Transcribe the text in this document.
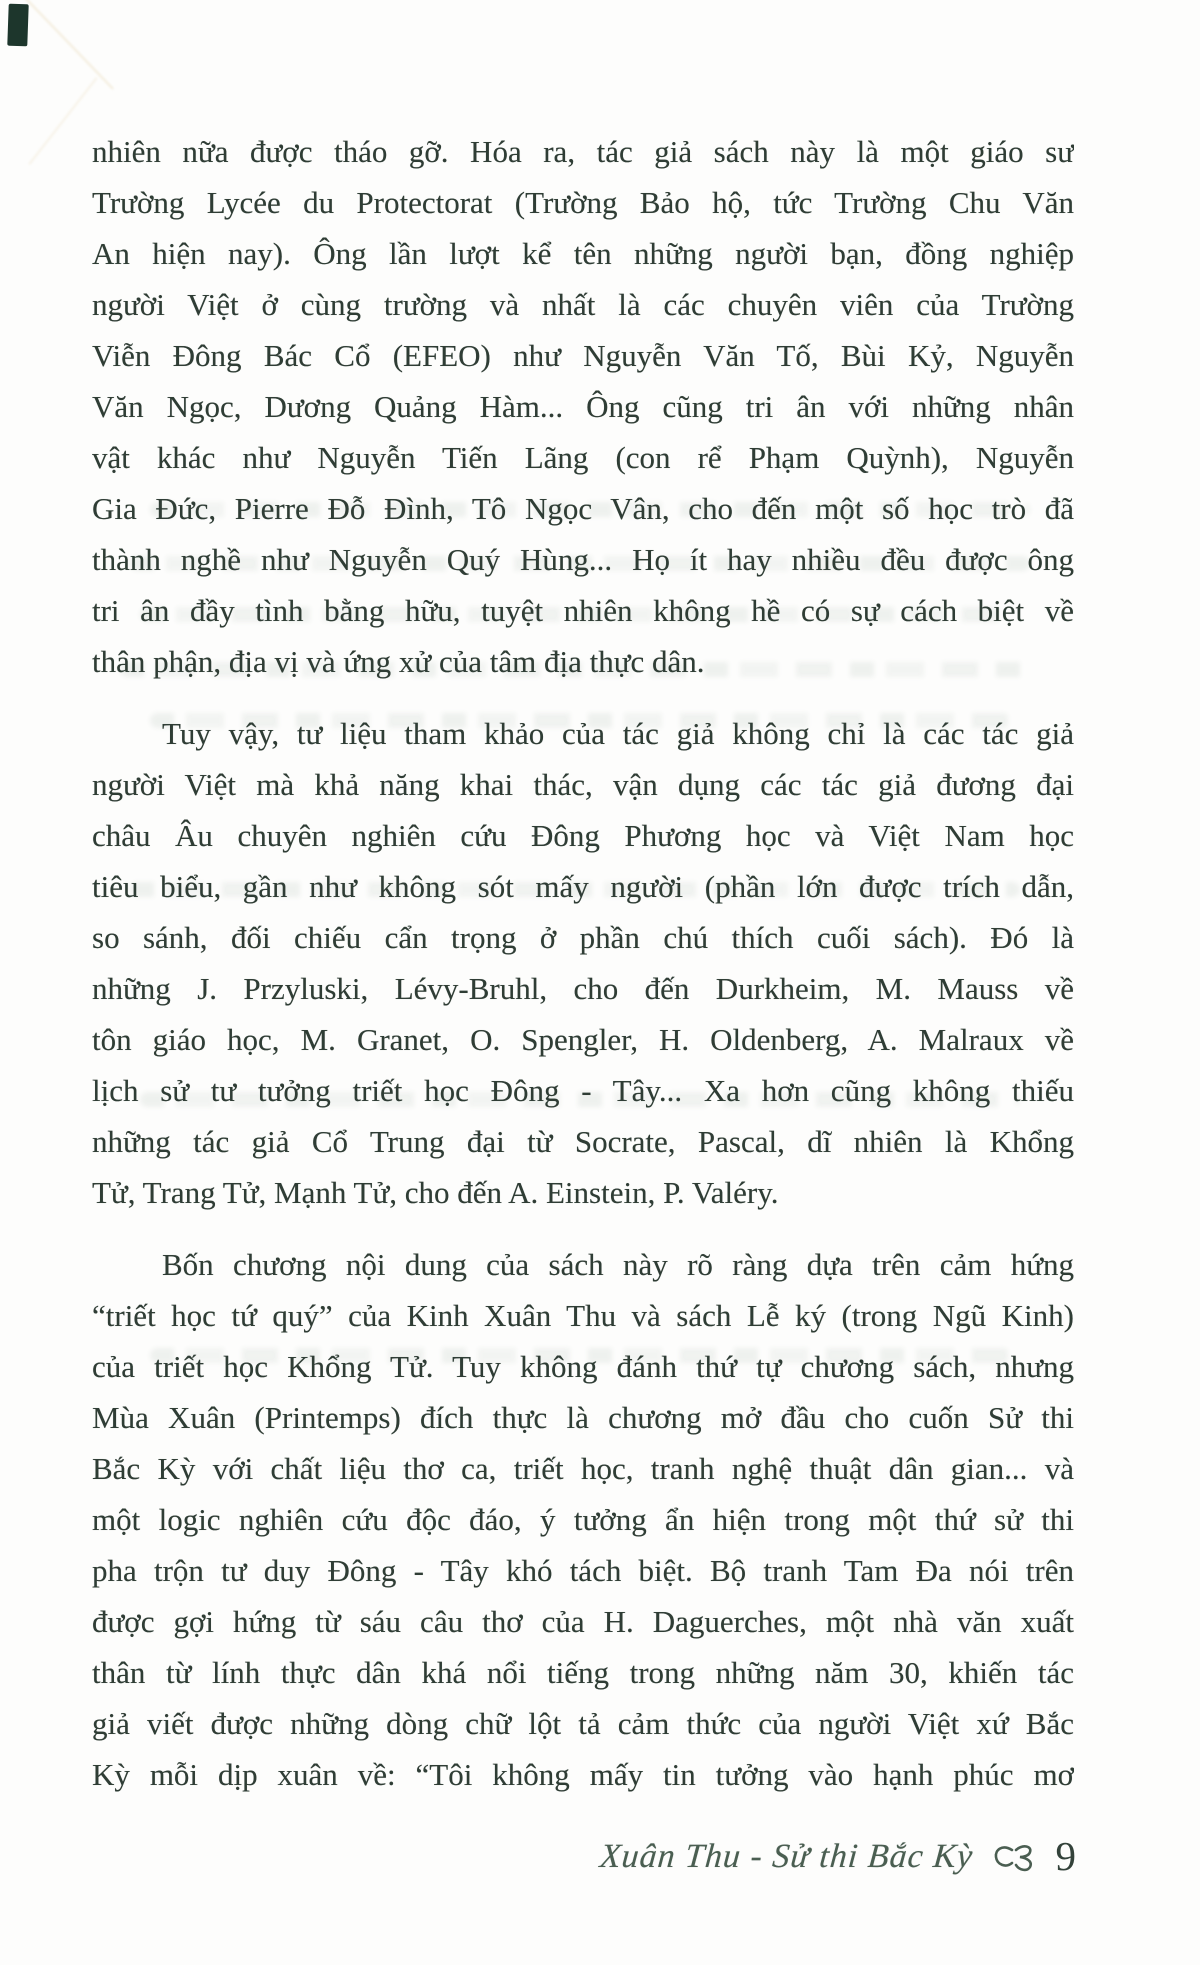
nhiên nữa được tháo gỡ. Hóa ra, tác giả sách này là một giáo sư
Trường Lycée du Protectorat (Trường Bảo hộ, tức Trường Chu Văn
An hiện nay). Ông lần lượt kể tên những người bạn, đồng nghiệp
người Việt ở cùng trường và nhất là các chuyên viên của Trường
Viễn Đông Bác Cổ (EFEO) như Nguyễn Văn Tố, Bùi Kỷ, Nguyễn
Văn Ngọc, Dương Quảng Hàm... Ông cũng tri ân với những nhân
vật khác như Nguyễn Tiến Lãng (con rể Phạm Quỳnh), Nguyễn
Gia Đức, Pierre Đỗ Đình, Tô Ngọc Vân, cho đến một số học trò đã
thành nghề như Nguyễn Quý Hùng... Họ ít hay nhiều đều được ông
tri ân đầy tình bằng hữu, tuyệt nhiên không hề có sự cách biệt về
thân phận, địa vị và ứng xử của tâm địa thực dân.

Tuy vậy, tư liệu tham khảo của tác giả không chỉ là các tác giả
người Việt mà khả năng khai thác, vận dụng các tác giả đương đại
châu Âu chuyên nghiên cứu Đông Phương học và Việt Nam học
tiêu biểu, gần như không sót mấy người (phần lớn được trích dẫn,
so sánh, đối chiếu cẩn trọng ở phần chú thích cuối sách). Đó là
những J. Przyluski, Lévy-Bruhl, cho đến Durkheim, M. Mauss về
tôn giáo học, M. Granet, O. Spengler, H. Oldenberg, A. Malraux về
lịch sử tư tưởng triết học Đông - Tây... Xa hơn cũng không thiếu
những tác giả Cổ Trung đại từ Socrate, Pascal, dĩ nhiên là Khổng
Tử, Trang Tử, Mạnh Tử, cho đến A. Einstein, P. Valéry.

Bốn chương nội dung của sách này rõ ràng dựa trên cảm hứng
“triết học tứ quý” của Kinh Xuân Thu và sách Lễ ký (trong Ngũ Kinh)
của triết học Khổng Tử. Tuy không đánh thứ tự chương sách, nhưng
Mùa Xuân (Printemps) đích thực là chương mở đầu cho cuốn Sử thi
Bắc Kỳ với chất liệu thơ ca, triết học, tranh nghệ thuật dân gian... và
một logic nghiên cứu độc đáo, ý tưởng ẩn hiện trong một thứ sử thi
pha trộn tư duy Đông - Tây khó tách biệt. Bộ tranh Tam Đa nói trên
được gợi hứng từ sáu câu thơ của H. Daguerches, một nhà văn xuất
thân từ lính thực dân khá nổi tiếng trong những năm 30, khiến tác
giả viết được những dòng chữ lột tả cảm thức của người Việt xứ Bắc
Kỳ mỗi dịp xuân về: “Tôi không mấy tin tưởng vào hạnh phúc mơ

Xuân Thu - Sử thi Bắc Kỳ 9
